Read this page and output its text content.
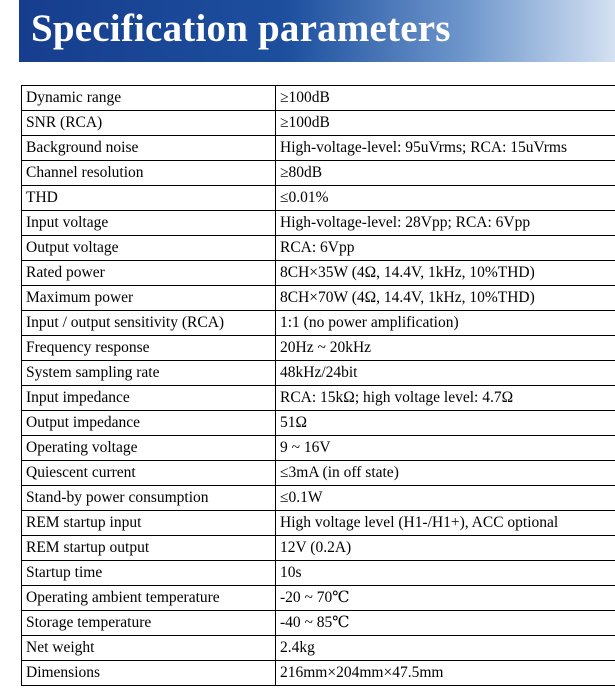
Specification parameters
Dynamic range	≥100dB
SNR (RCA)	≥100dB
Background noise	High-voltage-level: 95uVrms; RCA: 15uVrms
Channel resolution	≥80dB
THD	≤0.01%
Input voltage	High-voltage-level: 28Vpp; RCA: 6Vpp
Output voltage	RCA: 6Vpp
Rated power	8CH×35W (4Ω, 14.4V, 1kHz, 10%THD)
Maximum power	8CH×70W (4Ω, 14.4V, 1kHz, 10%THD)
Input / output sensitivity (RCA)	1:1 (no power amplification)
Frequency response	20Hz ~ 20kHz
System sampling rate	48kHz/24bit
Input impedance	RCA: 15kΩ; high voltage level: 4.7Ω
Output impedance	51Ω
Operating voltage	9 ~ 16V
Quiescent current	≤3mA (in off state)
Stand-by power consumption	≤0.1W
REM startup input	High voltage level (H1-/H1+), ACC optional
REM startup output	12V (0.2A)
Startup time	10s
Operating ambient temperature	-20 ~ 70℃
Storage temperature	-40 ~ 85℃
Net weight	2.4kg
Dimensions	216mm×204mm×47.5mm
